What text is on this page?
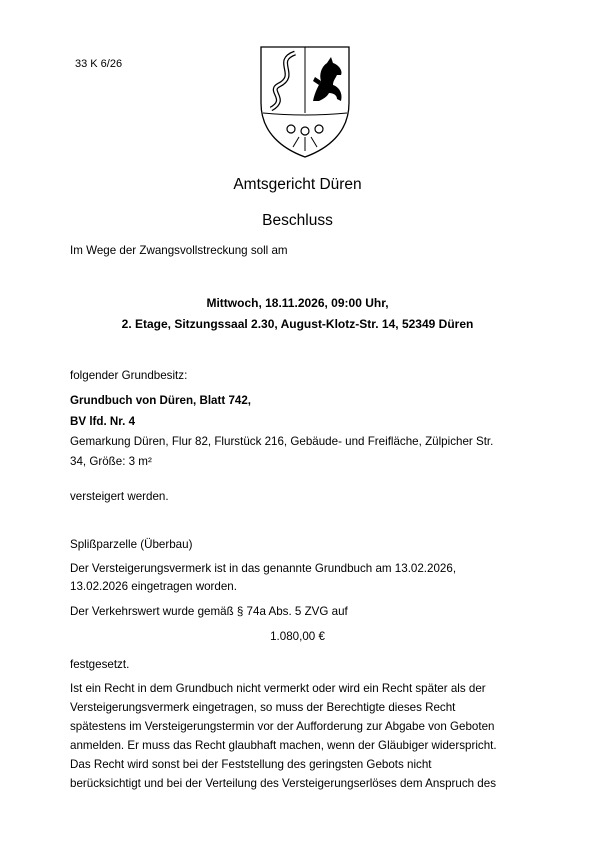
33 K 6/26
Amtsgericht Düren
Beschluss
Im Wege der Zwangsvollstreckung soll am
Mittwoch, 18.11.2026, 09:00 Uhr,
2. Etage, Sitzungssaal 2.30, August-Klotz-Str. 14, 52349 Düren
folgender Grundbesitz:
Grundbuch von Düren, Blatt 742,
BV lfd. Nr. 4
Gemarkung Düren, Flur 82, Flurstück 216, Gebäude- und Freifläche, Zülpicher Str.
34, Größe: 3 m²
versteigert werden.
Splißparzelle (Überbau)
Der Versteigerungsvermerk ist in das genannte Grundbuch am 13.02.2026,
13.02.2026 eingetragen worden.
Der Verkehrswert wurde gemäß § 74a Abs. 5 ZVG auf
1.080,00 €
festgesetzt.
Ist ein Recht in dem Grundbuch nicht vermerkt oder wird ein Recht später als der
Versteigerungsvermerk eingetragen, so muss der Berechtigte dieses Recht
spätestens im Versteigerungstermin vor der Aufforderung zur Abgabe von Geboten
anmelden. Er muss das Recht glaubhaft machen, wenn der Gläubiger widerspricht.
Das Recht wird sonst bei der Feststellung des geringsten Gebots nicht
berücksichtigt und bei der Verteilung des Versteigerungserlöses dem Anspruch des
